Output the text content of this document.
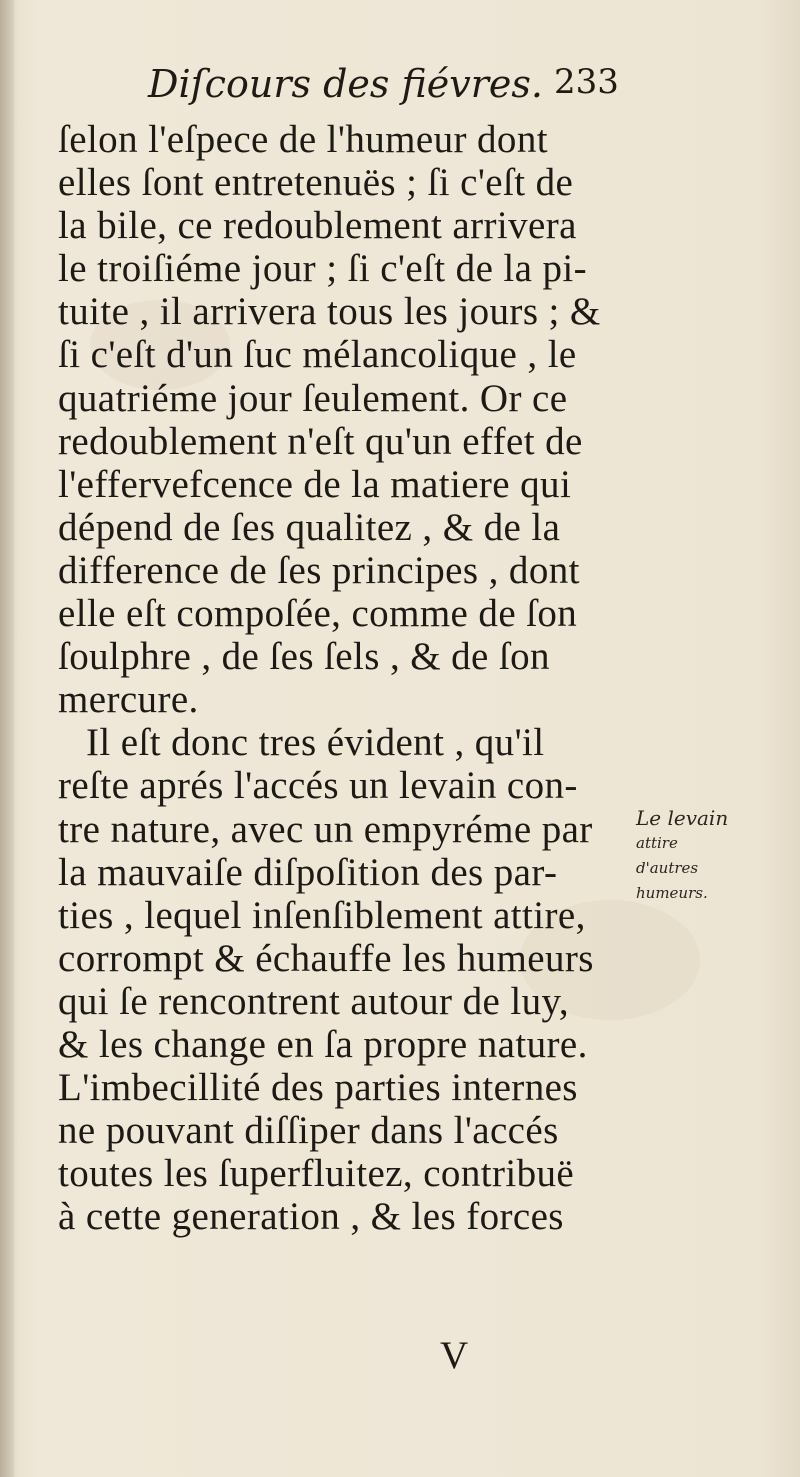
Diſcours des fiévres. 233
ſelon l'eſpece de l'humeur dont
elles ſont entretenuës ; ſi c'eſt de
la bile, ce redoublement arrivera
le troiſiéme jour ; ſi c'eſt de la pi-
tuite , il arrivera tous les jours ; &
ſi c'eſt d'un ſuc mélancolique , le
quatriéme jour ſeulement. Or ce
redoublement n'eſt qu'un effet de
l'effervefcence de la matiere qui
dépend de ſes qualitez , & de la
difference de ſes principes , dont
elle eſt compoſée, comme de ſon
ſoulphre , de ſes ſels , & de ſon
mercure.
Il eſt donc tres évident , qu'il
reſte aprés l'accés un levain con-
tre nature, avec un empyréme par
la mauvaiſe diſpoſition des par-
ties , lequel inſenſiblement attire,
corrompt & échauffe les humeurs
qui ſe rencontrent autour de luy,
& les change en ſa propre nature.
L'imbecillité des parties internes
ne pouvant diſſiper dans l'accés
toutes les ſuperfluitez, contribuë
à cette generation , & les forces
Le levain
attire
d'autres
humeurs.
V
